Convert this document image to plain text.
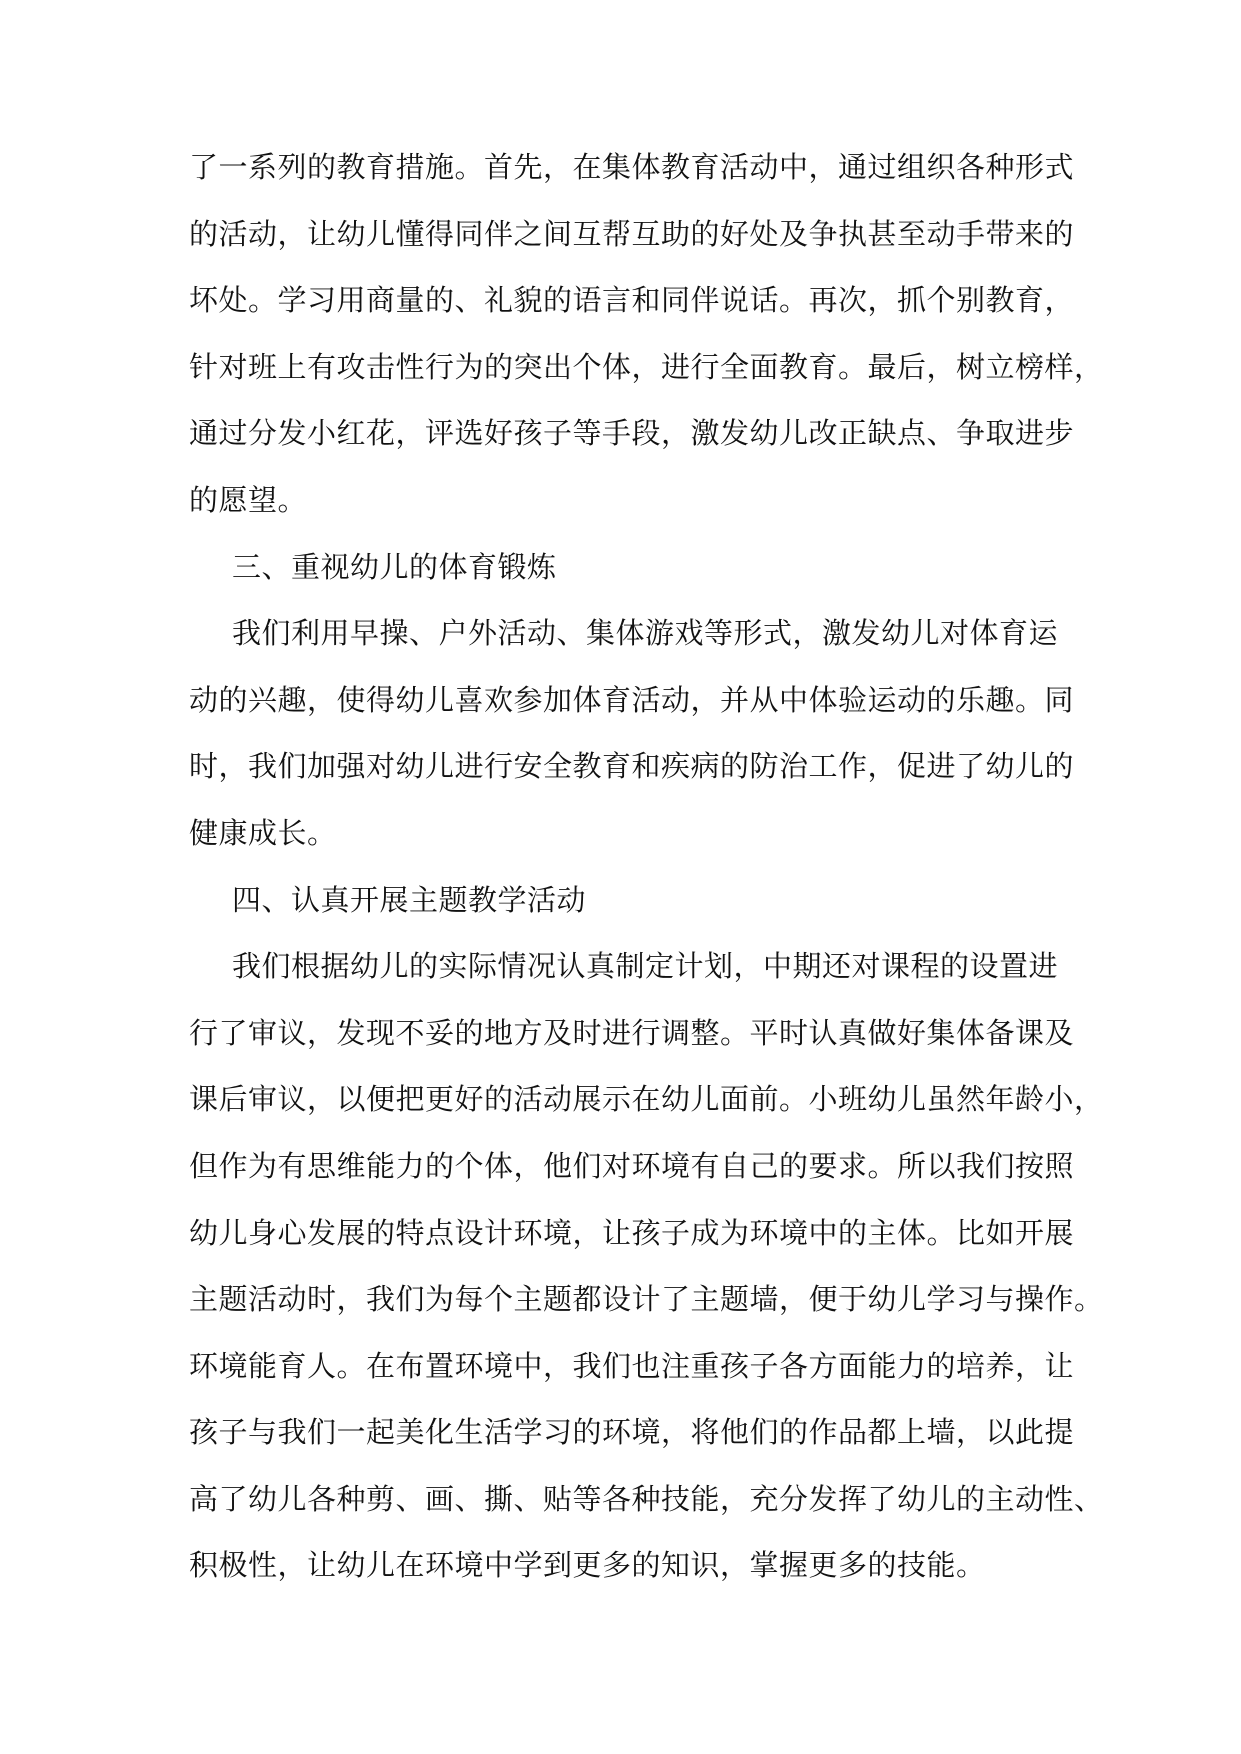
了一系列的教育措施。首先，在集体教育活动中，通过组织各种形式
的活动，让幼儿懂得同伴之间互帮互助的好处及争执甚至动手带来的
坏处。学习用商量的、礼貌的语言和同伴说话。再次，抓个别教育，
针对班上有攻击性行为的突出个体，进行全面教育。最后，树立榜样，
通过分发小红花，评选好孩子等手段，激发幼儿改正缺点、争取进步
的愿望。
三、重视幼儿的体育锻炼
我们利用早操、户外活动、集体游戏等形式，激发幼儿对体育运
动的兴趣，使得幼儿喜欢参加体育活动，并从中体验运动的乐趣。同
时，我们加强对幼儿进行安全教育和疾病的防治工作，促进了幼儿的
健康成长。
四、认真开展主题教学活动
我们根据幼儿的实际情况认真制定计划，中期还对课程的设置进
行了审议，发现不妥的地方及时进行调整。平时认真做好集体备课及
课后审议，以便把更好的活动展示在幼儿面前。小班幼儿虽然年龄小，
但作为有思维能力的个体，他们对环境有自己的要求。所以我们按照
幼儿身心发展的特点设计环境，让孩子成为环境中的主体。比如开展
主题活动时，我们为每个主题都设计了主题墙，便于幼儿学习与操作。
环境能育人。在布置环境中，我们也注重孩子各方面能力的培养，让
孩子与我们一起美化生活学习的环境，将他们的作品都上墙，以此提
高了幼儿各种剪、画、撕、贴等各种技能，充分发挥了幼儿的主动性、
积极性，让幼儿在环境中学到更多的知识，掌握更多的技能。
